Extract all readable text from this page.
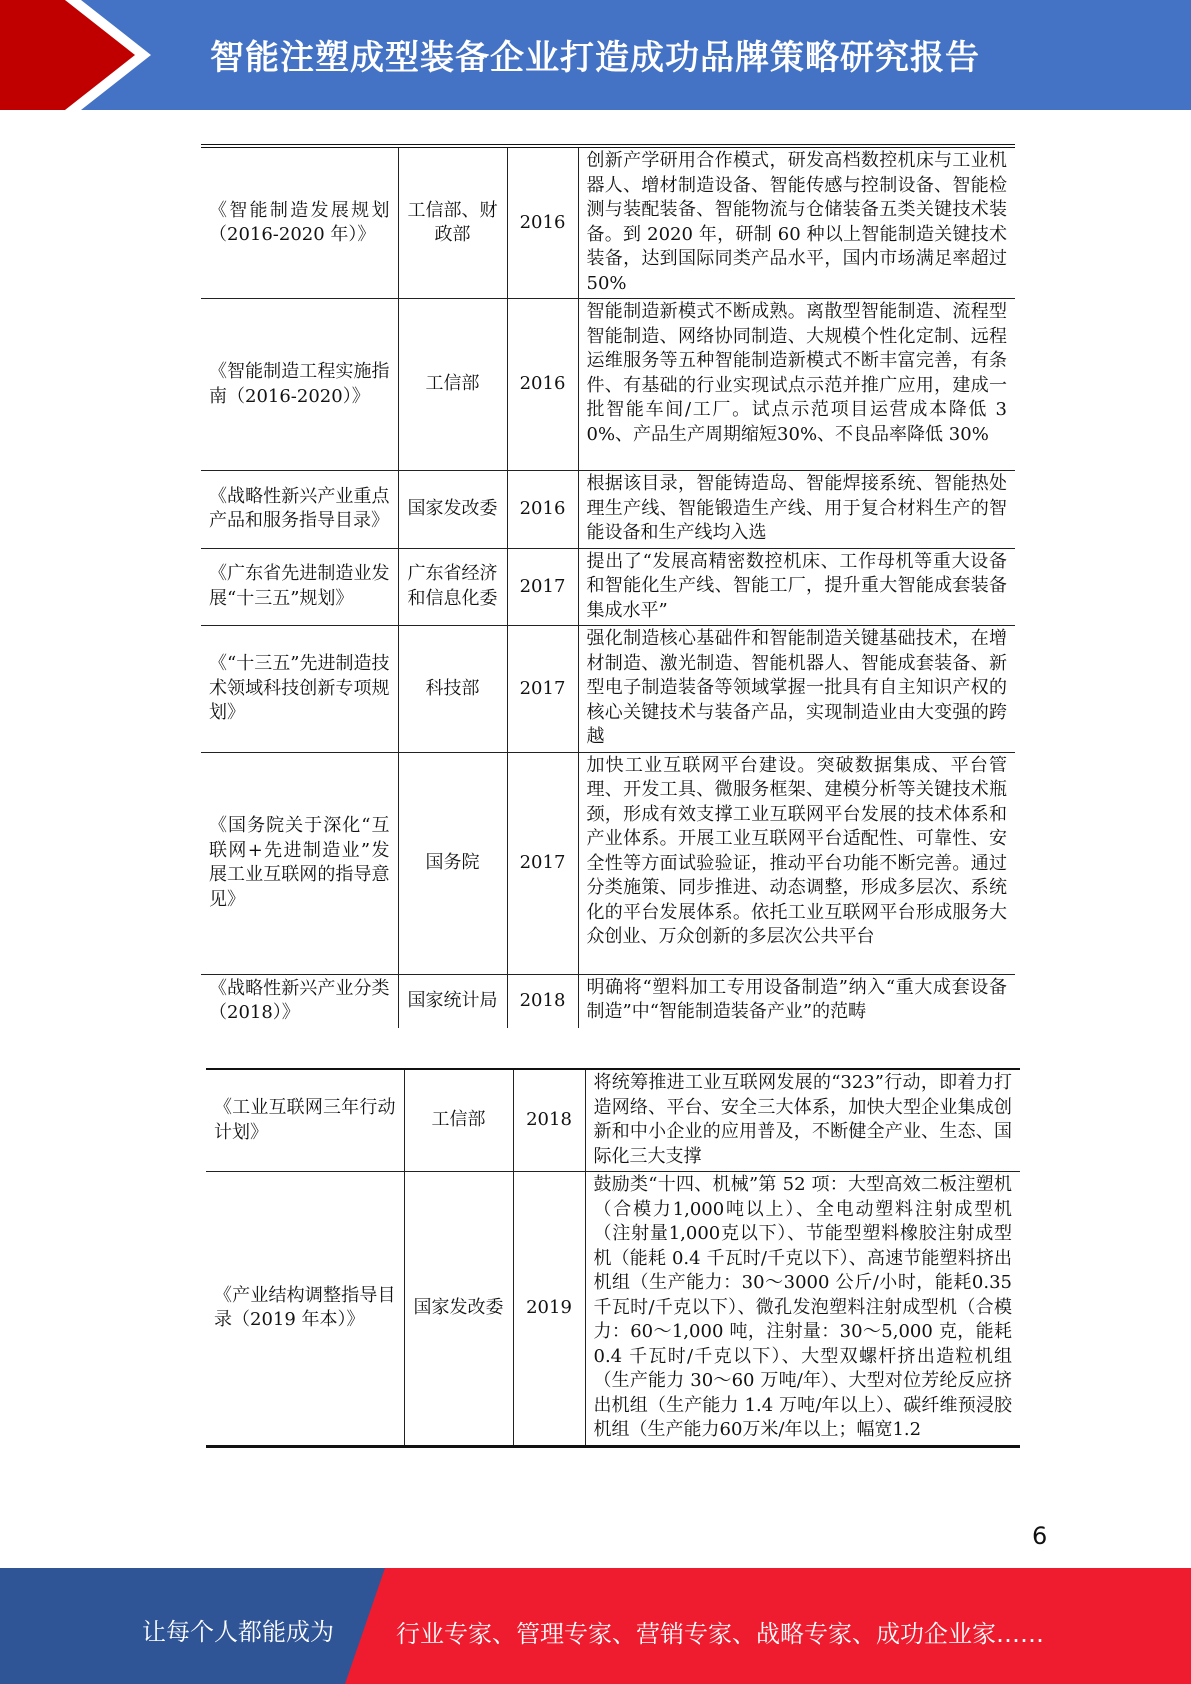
智能注塑成型装备企业打造成功品牌策略研究报告
《智能制造发展规划（2016-2020 年）》	工信部、财政部	2016	创新产学研用合作模式，研发高档数控机床与工业机器人、增材制造设备、智能传感与控制设备、智能检测与装配装备、智能物流与仓储装备五类关键技术装备。到 2020 年，研制 60 种以上智能制造关键技术装备，达到国际同类产品水平，国内市场满足率超过 50%
《智能制造工程实施指南（2016-2020）》	工信部	2016	智能制造新模式不断成熟。离散型智能制造、流程型智能制造、网络协同制造、大规模个性化定制、远程运维服务等五种智能制造新模式不断丰富完善，有条件、有基础的行业实现试点示范并推广应用，建成一批智能车间/工厂。试点示范项目运营成本降低 30%、产品生产周期缩短30%、不良品率降低 30%
《战略性新兴产业重点产品和服务指导目录》	国家发改委	2016	根据该目录，智能铸造岛、智能焊接系统、智能热处理生产线、智能锻造生产线、用于复合材料生产的智能设备和生产线均入选
《广东省先进制造业发展“十三五”规划》	广东省经济和信息化委	2017	提出了“发展高精密数控机床、工作母机等重大设备和智能化生产线、智能工厂，提升重大智能成套装备集成水平”
《“十三五”先进制造技术领域科技创新专项规划》	科技部	2017	强化制造核心基础件和智能制造关键基础技术，在增材制造、激光制造、智能机器人、智能成套装备、新型电子制造装备等领域掌握一批具有自主知识产权的核心关键技术与装备产品，实现制造业由大变强的跨越
《国务院关于深化“互联网+先进制造业”发展工业互联网的指导意见》	国务院	2017	加快工业互联网平台建设。突破数据集成、平台管理、开发工具、微服务框架、建模分析等关键技术瓶颈，形成有效支撑工业互联网平台发展的技术体系和产业体系。开展工业互联网平台适配性、可靠性、安全性等方面试验验证，推动平台功能不断完善。通过分类施策、同步推进、动态调整，形成多层次、系统化的平台发展体系。依托工业互联网平台形成服务大众创业、万众创新的多层次公共平台
《战略性新兴产业分类（2018）》	国家统计局	2018	明确将“塑料加工专用设备制造”纳入“重大成套设备制造”中“智能制造装备产业”的范畴
《工业互联网三年行动计划》	工信部	2018	将统筹推进工业互联网发展的“323”行动，即着力打造网络、平台、安全三大体系，加快大型企业集成创新和中小企业的应用普及，不断健全产业、生态、国际化三大支撑
《产业结构调整指导目录（2019 年本）》	国家发改委	2019	鼓励类“十四、机械”第 52 项：大型高效二板注塑机（合模力1,000吨以上）、全电动塑料注射成型机（注射量1,000克以下）、节能型塑料橡胶注射成型机（能耗 0.4 千瓦时/千克以下）、高速节能塑料挤出机组（生产能力：30～3000 公斤/小时，能耗0.35 千瓦时/千克以下）、微孔发泡塑料注射成型机（合模力：60～1,000 吨，注射量：30～5,000 克，能耗 0.4 千瓦时/千克以下）、大型双螺杆挤出造粒机组（生产能力 30～60 万吨/年）、大型对位芳纶反应挤出机组（生产能力 1.4 万吨/年以上）、碳纤维预浸胶机组（生产能力60万米/年以上；幅宽1.2
6
让每个人都能成为	行业专家、管理专家、营销专家、战略专家、成功企业家……
